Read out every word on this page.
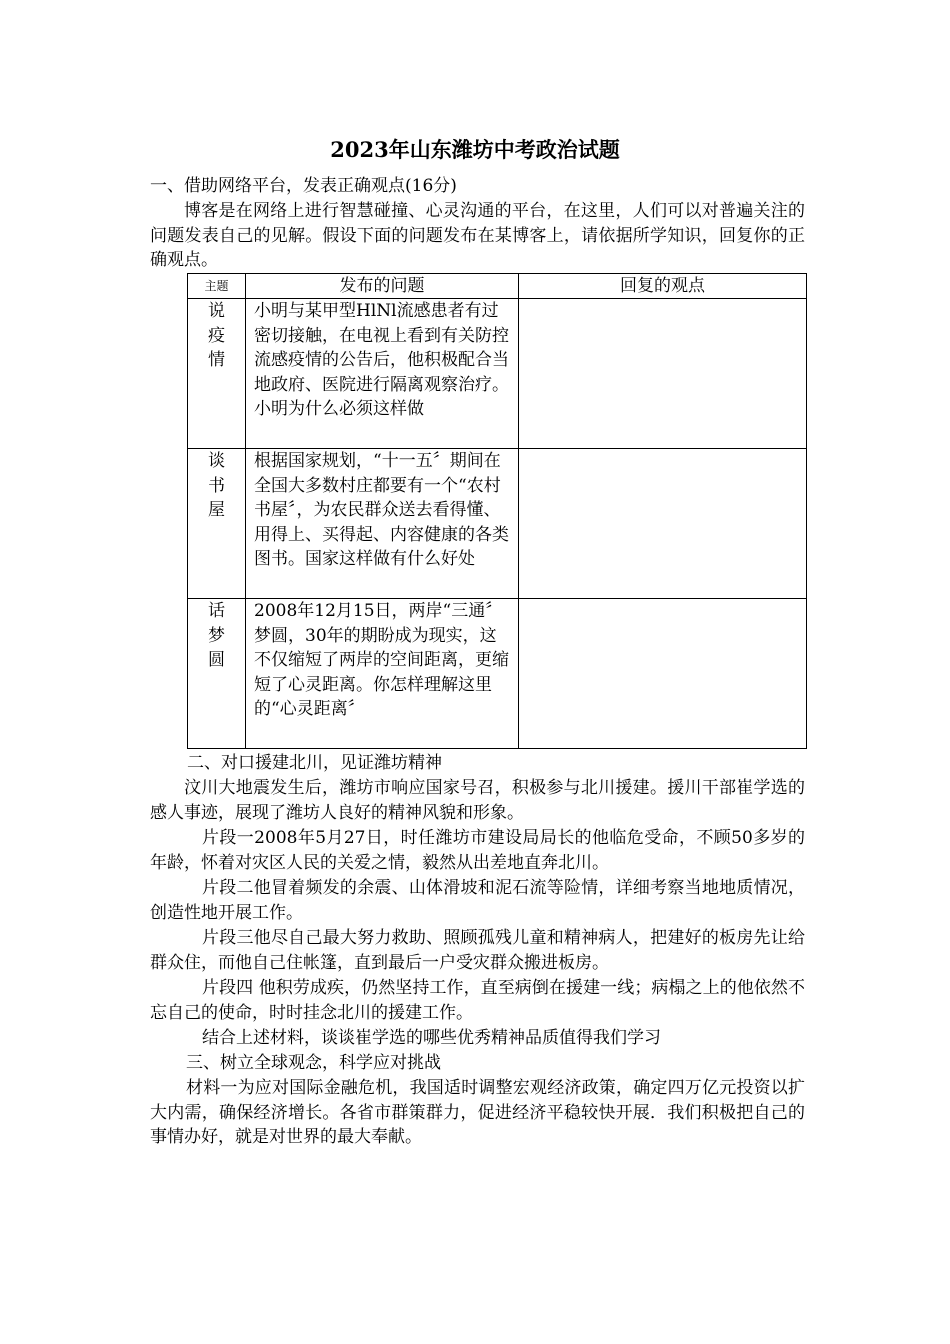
2023年山东潍坊中考政治试题
一、借助网络平台，发表正确观点(16分)
博客是在网络上进行智慧碰撞、心灵沟通的平台，在这里，人们可以对普遍关注的问题发表自己的见解。假设下面的问题发布在某博客上，请依据所学知识，回复你的正确观点。
主题	发布的问题	回复的观点

说疫情	小明与某甲型HlNl流感患者有过密切接触，在电视上看到有关防控流感疫情的公告后，他积极配合当地政府、医院进行隔离观察治疗。小明为什么必须这样做	

谈书屋	根据国家规划，“十一五〞期间在全国大多数村庄都要有一个“农村书屋〞，为农民群众送去看得懂、用得上、买得起、内容健康的各类图书。国家这样做有什么好处	

话梦圆	2008年12月15日，两岸“三通〞梦圆，30年的期盼成为现实，这不仅缩短了两岸的空间距离，更缩短了心灵距离。你怎样理解这里的“心灵距离〞	
二、对口援建北川，见证潍坊精神
汶川大地震发生后，潍坊市响应国家号召，积极参与北川援建。援川干部崔学选的感人事迹，展现了潍坊人良好的精神风貌和形象。
片段一2008年5月27日，时任潍坊市建设局局长的他临危受命，不顾50多岁的年龄，怀着对灾区人民的关爱之情，毅然从出差地直奔北川。
片段二他冒着频发的余震、山体滑坡和泥石流等险情，详细考察当地地质情况，创造性地开展工作。
片段三他尽自己最大努力救助、照顾孤残儿童和精神病人，把建好的板房先让给群众住，而他自己住帐篷，直到最后一户受灾群众搬进板房。
片段四 他积劳成疾，仍然坚持工作，直至病倒在援建一线；病榻之上的他依然不忘自己的使命，时时挂念北川的援建工作。
结合上述材料，谈谈崔学选的哪些优秀精神品质值得我们学习
三、树立全球观念，科学应对挑战
材料一为应对国际金融危机，我国适时调整宏观经济政策，确定四万亿元投资以扩大内需，确保经济增长。各省市群策群力，促进经济平稳较快开展．我们积极把自己的事情办好，就是对世界的最大奉献。
